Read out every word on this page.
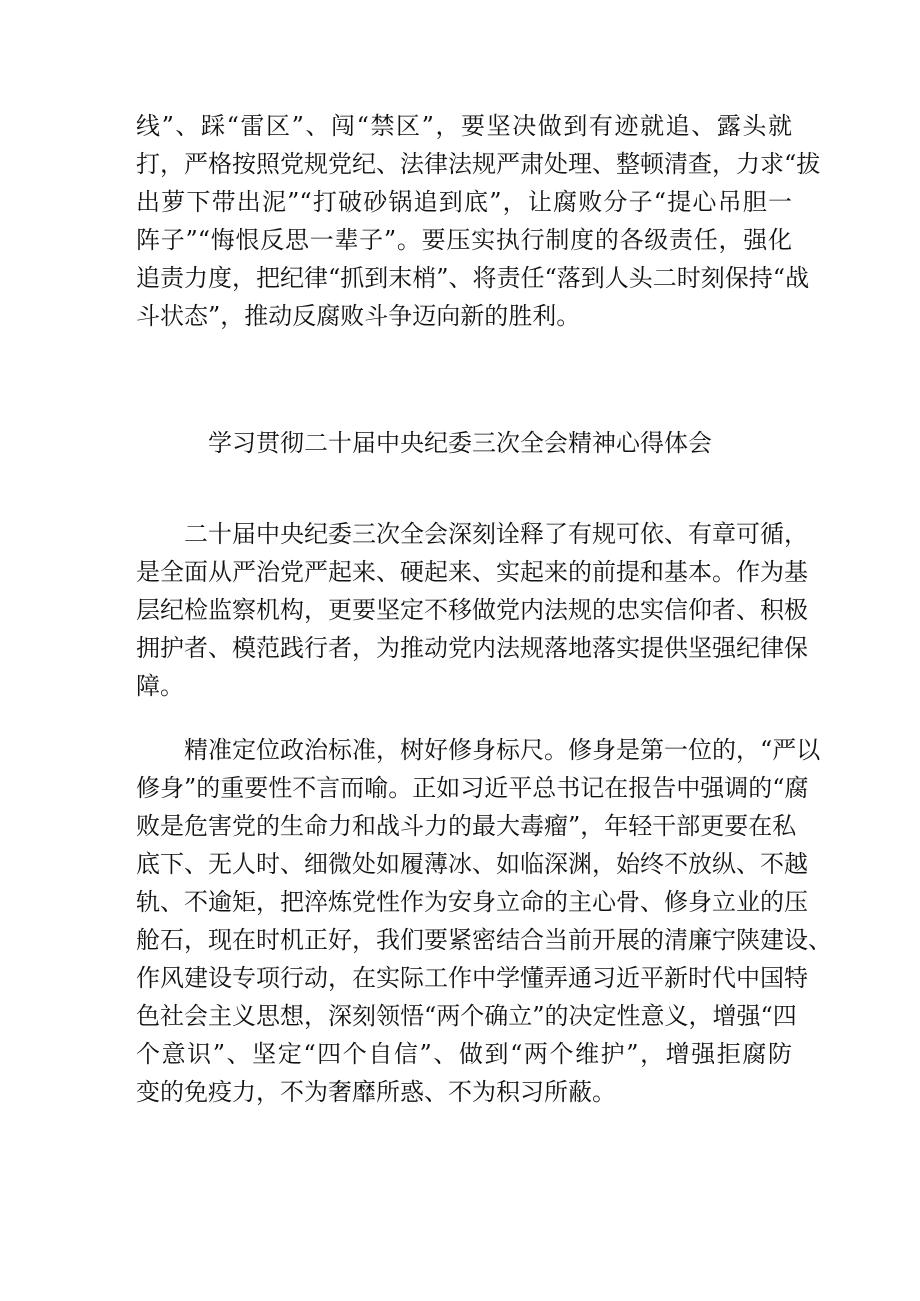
线”、踩“雷区”、闯“禁区”，要坚决做到有迹就追、露头就
打，严格按照党规党纪、法律法规严肃处理、整顿清查，力求“拔
出萝下带出泥”“打破砂锅追到底”，让腐败分子“提心吊胆一
阵子”“悔恨反思一辈子”。要压实执行制度的各级责任，强化
追责力度，把纪律“抓到末梢”、将责任“落到人头二时刻保持“战
斗状态”，推动反腐败斗争迈向新的胜利。
学习贯彻二十届中央纪委三次全会精神心得体会
　　二十届中央纪委三次全会深刻诠释了有规可依、有章可循，
是全面从严治党严起来、硬起来、实起来的前提和基本。作为基
层纪检监察机构，更要坚定不移做党内法规的忠实信仰者、积极
拥护者、模范践行者，为推动党内法规落地落实提供坚强纪律保
障。
　　精准定位政治标准，树好修身标尺。修身是第一位的，“严以
修身”的重要性不言而喻。正如习近平总书记在报告中强调的“腐
败是危害党的生命力和战斗力的最大毒瘤”，年轻干部更要在私
底下、无人时、细微处如履薄冰、如临深渊，始终不放纵、不越
轨、不逾矩，把淬炼党性作为安身立命的主心骨、修身立业的压
舱石，现在时机正好，我们要紧密结合当前开展的清廉宁陕建设、
作风建设专项行动，在实际工作中学懂弄通习近平新时代中国特
色社会主义思想，深刻领悟“两个确立”的决定性意义，增强“四
个意识”、坚定“四个自信”、做到“两个维护”，增强拒腐防
变的免疫力，不为奢靡所惑、不为积习所蔽。
